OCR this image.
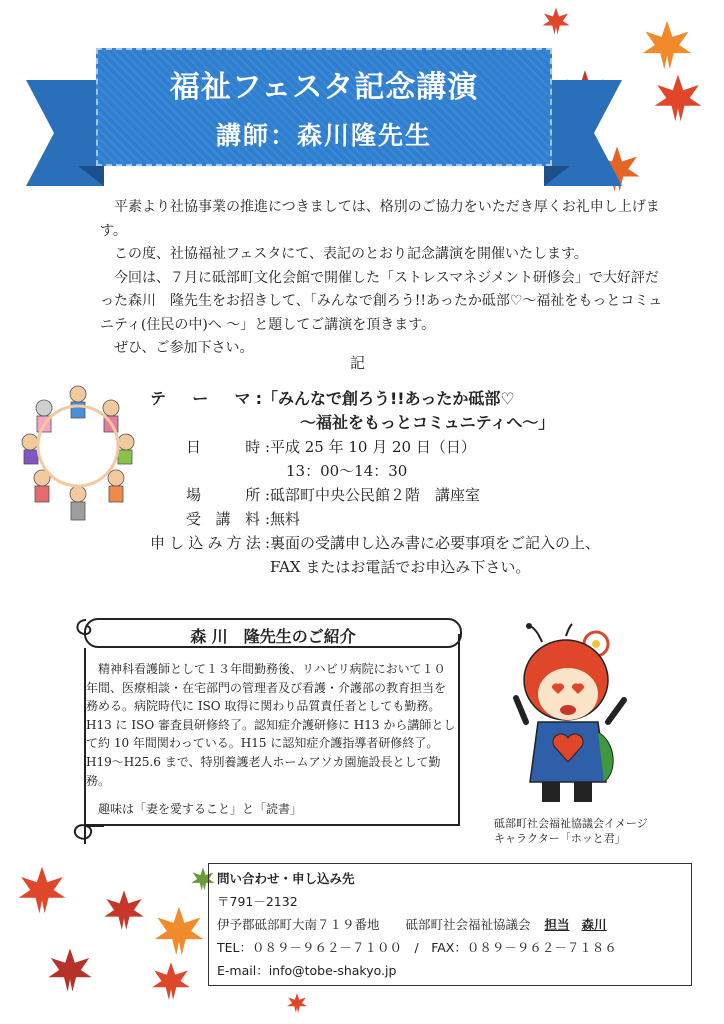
福祉フェスタ記念講演
講師：森川隆先生

平素より社協事業の推進につきましては、格別のご協力をいただき厚くお礼申し上げます。

この度、社協福祉フェスタにて、表記のとおり記念講演を開催いたします。

今回は、７月に砥部町文化会館で開催した「ストレスマネジメント研修会」で大好評だった森川　隆先生をお招きして、「みんなで創ろう!!あったか砥部♡～福祉をもっとコミュニティ(住民の中)へ ～」と題してご講演を頂きます。

ぜひ、ご参加下さい。

記
テ　ー　マ:「みんなで創ろう!!あったか砥部♡
～福祉をもっとコミュニティへ～」
日　　時:平成 25 年 10 月 20 日（日）
13：00～14：30
場　　所:砥部町中央公民館２階　講座室
受 講 料:無料
申し込み方法:裏面の受講申し込み書に必要事項をご記入の上、
FAX またはお電話でお申込み下さい。
森 川　隆先生のご紹介

精神科看護師として１３年間勤務後、リハビリ病院において１０年間、医療相談・在宅部門の管理者及び看護・介護部の教育担当を務める。病院時代に ISO 取得に関わり品質責任者としても勤務。H13 に ISO 審査員研修終了。認知症介護研修に H13 から講師として約 10 年間関わっている。H15 に認知症介護指導者研修終了。　H19～H25.6 まで、特別養護老人ホームアソカ園施設長として勤務。

趣味は「妻を愛すること」と「読書」
砥部町社会福祉協議会イメージ
キャラクター「ホッと君」
問い合わせ・申し込み先
〒791－2132
伊予郡砥部町大南７１９番地 砥部町社会福祉協議会 担当 森川
TEL：０８９－９６２－７１００　/　FAX：０８９－９６２－７１８６
E-mail：info@tobe-shakyo.jp
